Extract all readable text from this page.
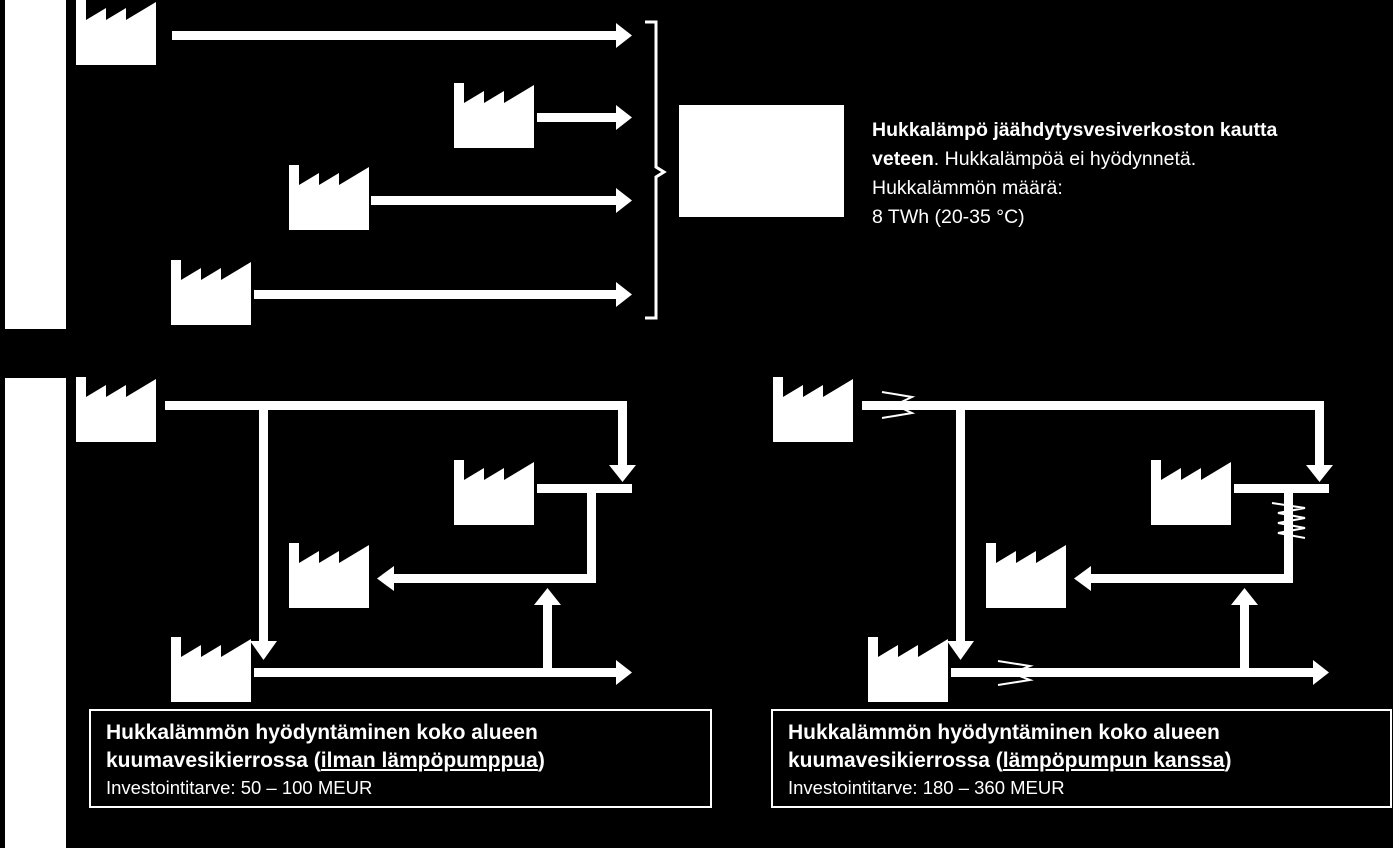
Hukkalämpö jäähdytysvesiverkoston kautta veteen. Hukkalämpöä ei hyödynnetä. Hukkalämmön määrä:
8 TWh (20-35 °C)
Hukkalämmön hyödyntäminen koko alueen
kuumavesikierrossa (ilman lämpöpumppua)
Investointitarve: 50 – 100 MEUR
Hukkalämmön hyödyntäminen koko alueen
kuumavesikierrossa (lämpöpumpun kanssa)
Investointitarve: 180 – 360 MEUR
